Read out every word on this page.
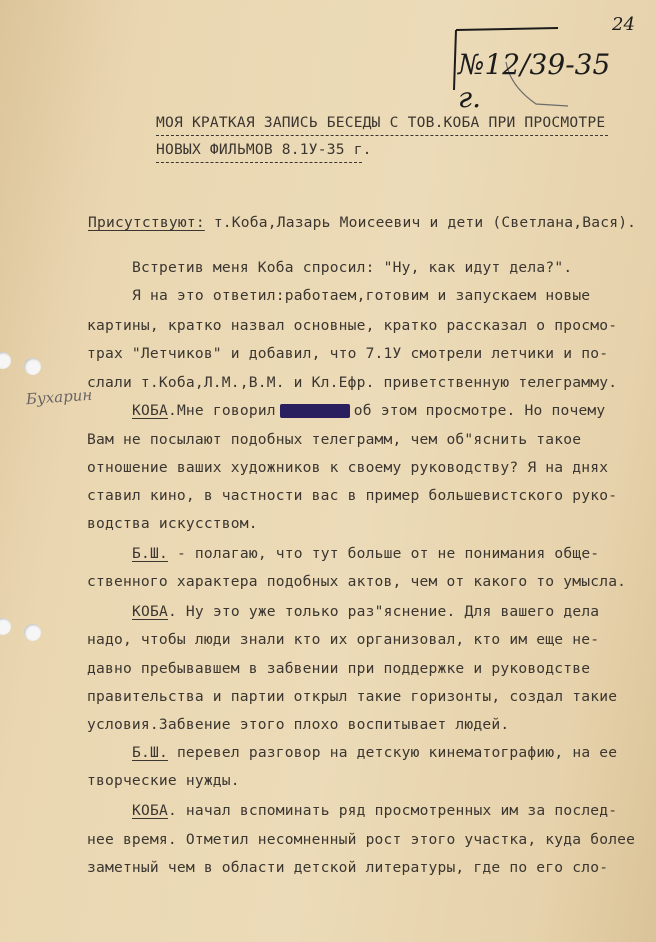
24
№12/39-35 г.
Бухарин
МОЯ КРАТКАЯ ЗАПИСЬ БЕСЕДЫ С ТОВ.КОБА ПРИ ПРОСМОТРЕ
НОВЫХ ФИЛЬМОВ 8.1У-35 г.
Присутствуют: т.Коба,Лазарь Моисеевич и дети (Светлана,Вася).
Встретив меня Коба спросил: "Ну, как идут дела?".
Я на это ответил:работаем,готовим и запускаем новые
картины, кратко назвал основные, кратко рассказал о просмо-
трах "Летчиков" и добавил, что 7.1У смотрели летчики и по-
слали т.Коба,Л.М.,В.М. и Кл.Ефр. приветственную телеграмму.
КОБА.Мне говорил	об этом просмотре. Но почему
Вам не посылают подобных телеграмм, чем об"яснить такое
отношение ваших художников к своему руководству? Я на днях
ставил кино, в частности вас в пример большевистского руко-
водства искусством.
Б.Ш. - полагаю, что тут больше от не понимания обще-
ственного характера подобных актов, чем от какого то умысла.
КОБА. Ну это уже только раз"яснение. Для вашего дела
надо, чтобы люди знали кто их организовал, кто им еще не-
давно пребывавшем в забвении при поддержке и руководстве
правительства и партии открыл такие горизонты, создал такие
условия.Забвение этого плохо воспитывает людей.
Б.Ш. перевел разговор на детскую кинематографию, на ее
творческие нужды.
КОБА. начал вспоминать ряд просмотренных им за послед-
нее время. Отметил несомненный рост этого участка, куда более
заметный чем в области детской литературы, где по его сло-
